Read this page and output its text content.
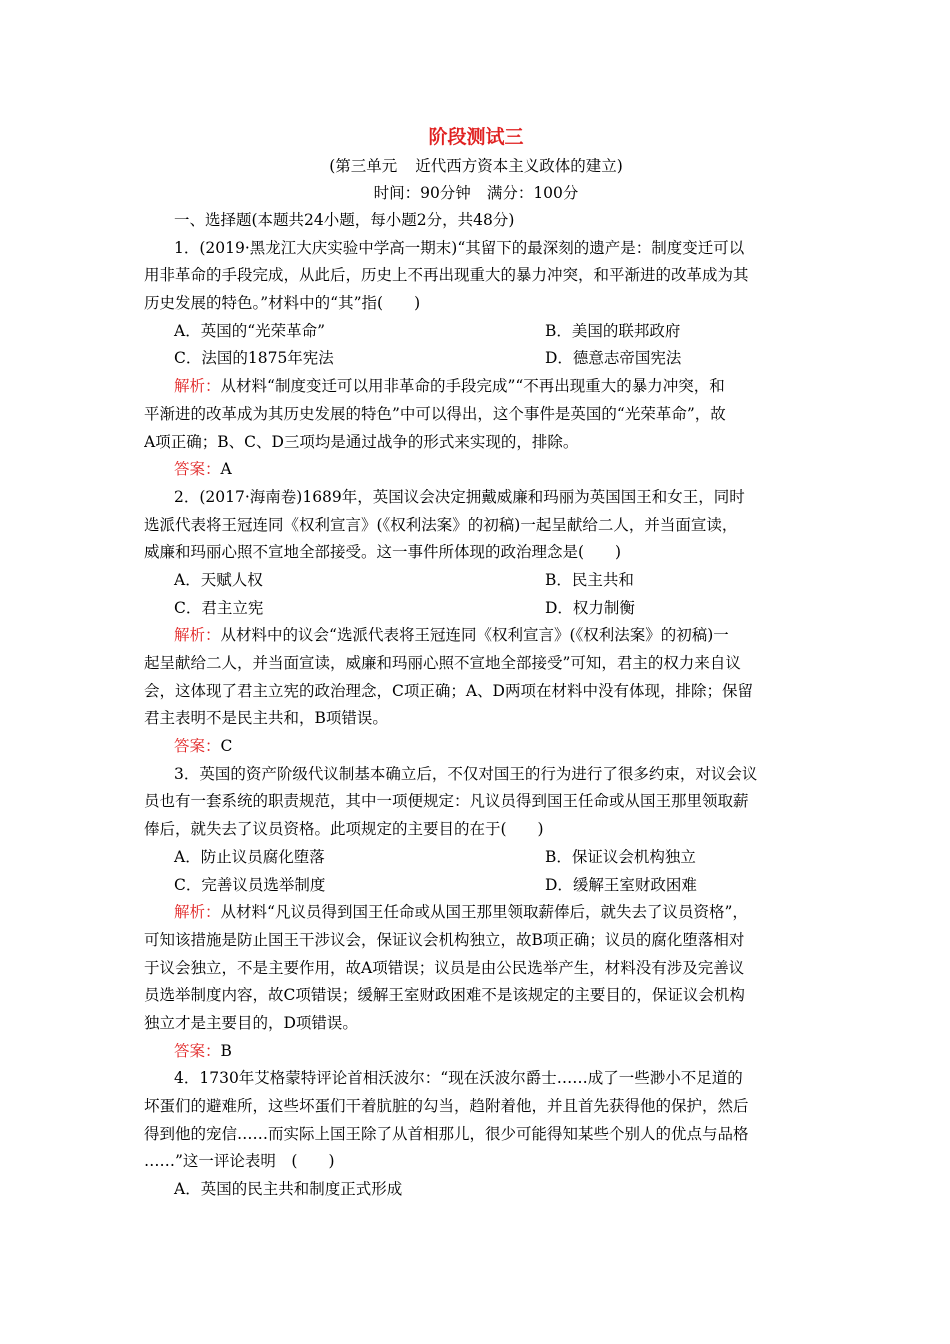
阶段测试三
(第三单元 近代西方资本主义政体的建立)
时间：90分钟 满分：100分
一、选择题(本题共24小题，每小题2分，共48分)
1．(2019·黑龙江大庆实验中学高一期末)“其留下的最深刻的遗产是：制度变迁可以
用非革命的手段完成，从此后，历史上不再出现重大的暴力冲突，和平渐进的改革成为其
历史发展的特色。”材料中的“其”指(　　)
A．英国的“光荣革命”	B．美国的联邦政府
C．法国的1875年宪法	D．德意志帝国宪法
解析：从材料“制度变迁可以用非革命的手段完成”“不再出现重大的暴力冲突，和
平渐进的改革成为其历史发展的特色”中可以得出，这个事件是英国的“光荣革命”，故
A项正确；B、C、D三项均是通过战争的形式来实现的，排除。
答案：A
2．(2017·海南卷)1689年，英国议会决定拥戴威廉和玛丽为英国国王和女王，同时
选派代表将王冠连同《权利宣言》(《权利法案》的初稿)一起呈献给二人，并当面宣读，
威廉和玛丽心照不宣地全部接受。这一事件所体现的政治理念是(　　)
A．天赋人权	B．民主共和
C．君主立宪	D．权力制衡
解析：从材料中的议会“选派代表将王冠连同《权利宣言》(《权利法案》的初稿)一
起呈献给二人，并当面宣读，威廉和玛丽心照不宣地全部接受”可知，君主的权力来自议
会，这体现了君主立宪的政治理念，C项正确；A、D两项在材料中没有体现，排除；保留
君主表明不是民主共和，B项错误。
答案：C
3．英国的资产阶级代议制基本确立后，不仅对国王的行为进行了很多约束，对议会议
员也有一套系统的职责规范，其中一项便规定：凡议员得到国王任命或从国王那里领取薪
俸后，就失去了议员资格。此项规定的主要目的在于(　　)
A．防止议员腐化堕落	B．保证议会机构独立
C．完善议员选举制度	D．缓解王室财政困难
解析：从材料“凡议员得到国王任命或从国王那里领取薪俸后，就失去了议员资格”，
可知该措施是防止国王干涉议会，保证议会机构独立，故B项正确；议员的腐化堕落相对
于议会独立，不是主要作用，故A项错误；议员是由公民选举产生，材料没有涉及完善议
员选举制度内容，故C项错误；缓解王室财政困难不是该规定的主要目的，保证议会机构
独立才是主要目的，D项错误。
答案：B
4．1730年艾格蒙特评论首相沃波尔：“现在沃波尔爵士……成了一些渺小不足道的
坏蛋们的避难所，这些坏蛋们干着肮脏的勾当，趋附着他，并且首先获得他的保护，然后
得到他的宠信……而实际上国王除了从首相那儿，很少可能得知某些个别人的优点与品格
……”这一评论表明　(　　)
A．英国的民主共和制度正式形成
